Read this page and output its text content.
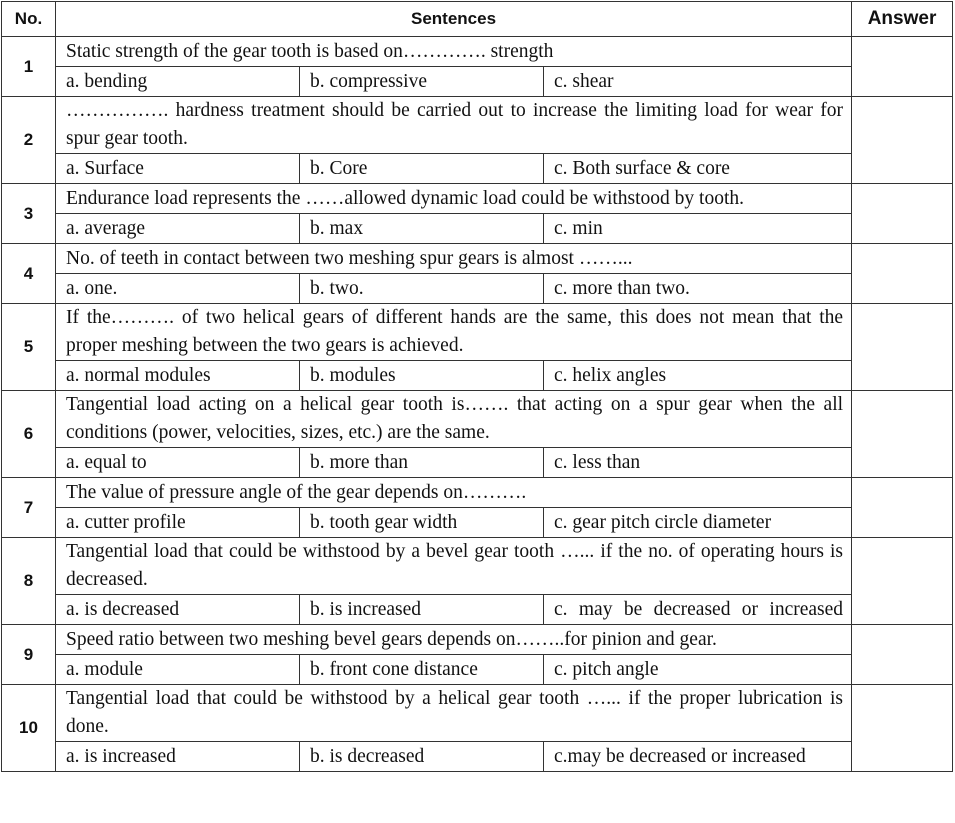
No.	Sentences			Answer
1	Static strength of the gear tooth is based on…………. strength			
	a. bending	b. compressive	c. shear	
2	……………. hardness treatment should be carried out to increase the limiting load for wear for spur gear tooth.			
	a. Surface	b. Core	c. Both surface & core	
3	Endurance load represents the ……allowed dynamic load could be withstood by tooth.			
	a. average	b. max	c. min	
4	No. of teeth in contact between two meshing spur gears is almost ……...			
	a. one.	b. two.	c. more than two.	
5	If the………. of two helical gears of different hands are the same, this does not mean that the proper meshing between the two gears is achieved.			
	a. normal modules	b. modules	c. helix angles	
6	Tangential load acting on a helical gear tooth is……. that acting on a spur gear when the all conditions (power, velocities, sizes, etc.) are the same.			
	a. equal to	b. more than	c. less than	
7	The value of pressure angle of the gear depends on……….			
	a. cutter profile	b. tooth gear width	c. gear pitch circle diameter	
8	Tangential load that could be withstood by a bevel gear tooth …... if the no. of operating hours is decreased.			
	a. is decreased	b. is increased	c. may be decreased or increased	
9	Speed ratio between two meshing bevel gears depends on……..for pinion and gear.			
	a. module	b. front cone distance	c. pitch angle	
10	Tangential load that could be withstood by a helical gear tooth …... if the proper lubrication is done.			
	a. is increased	b. is decreased	c.may be decreased or increased	
